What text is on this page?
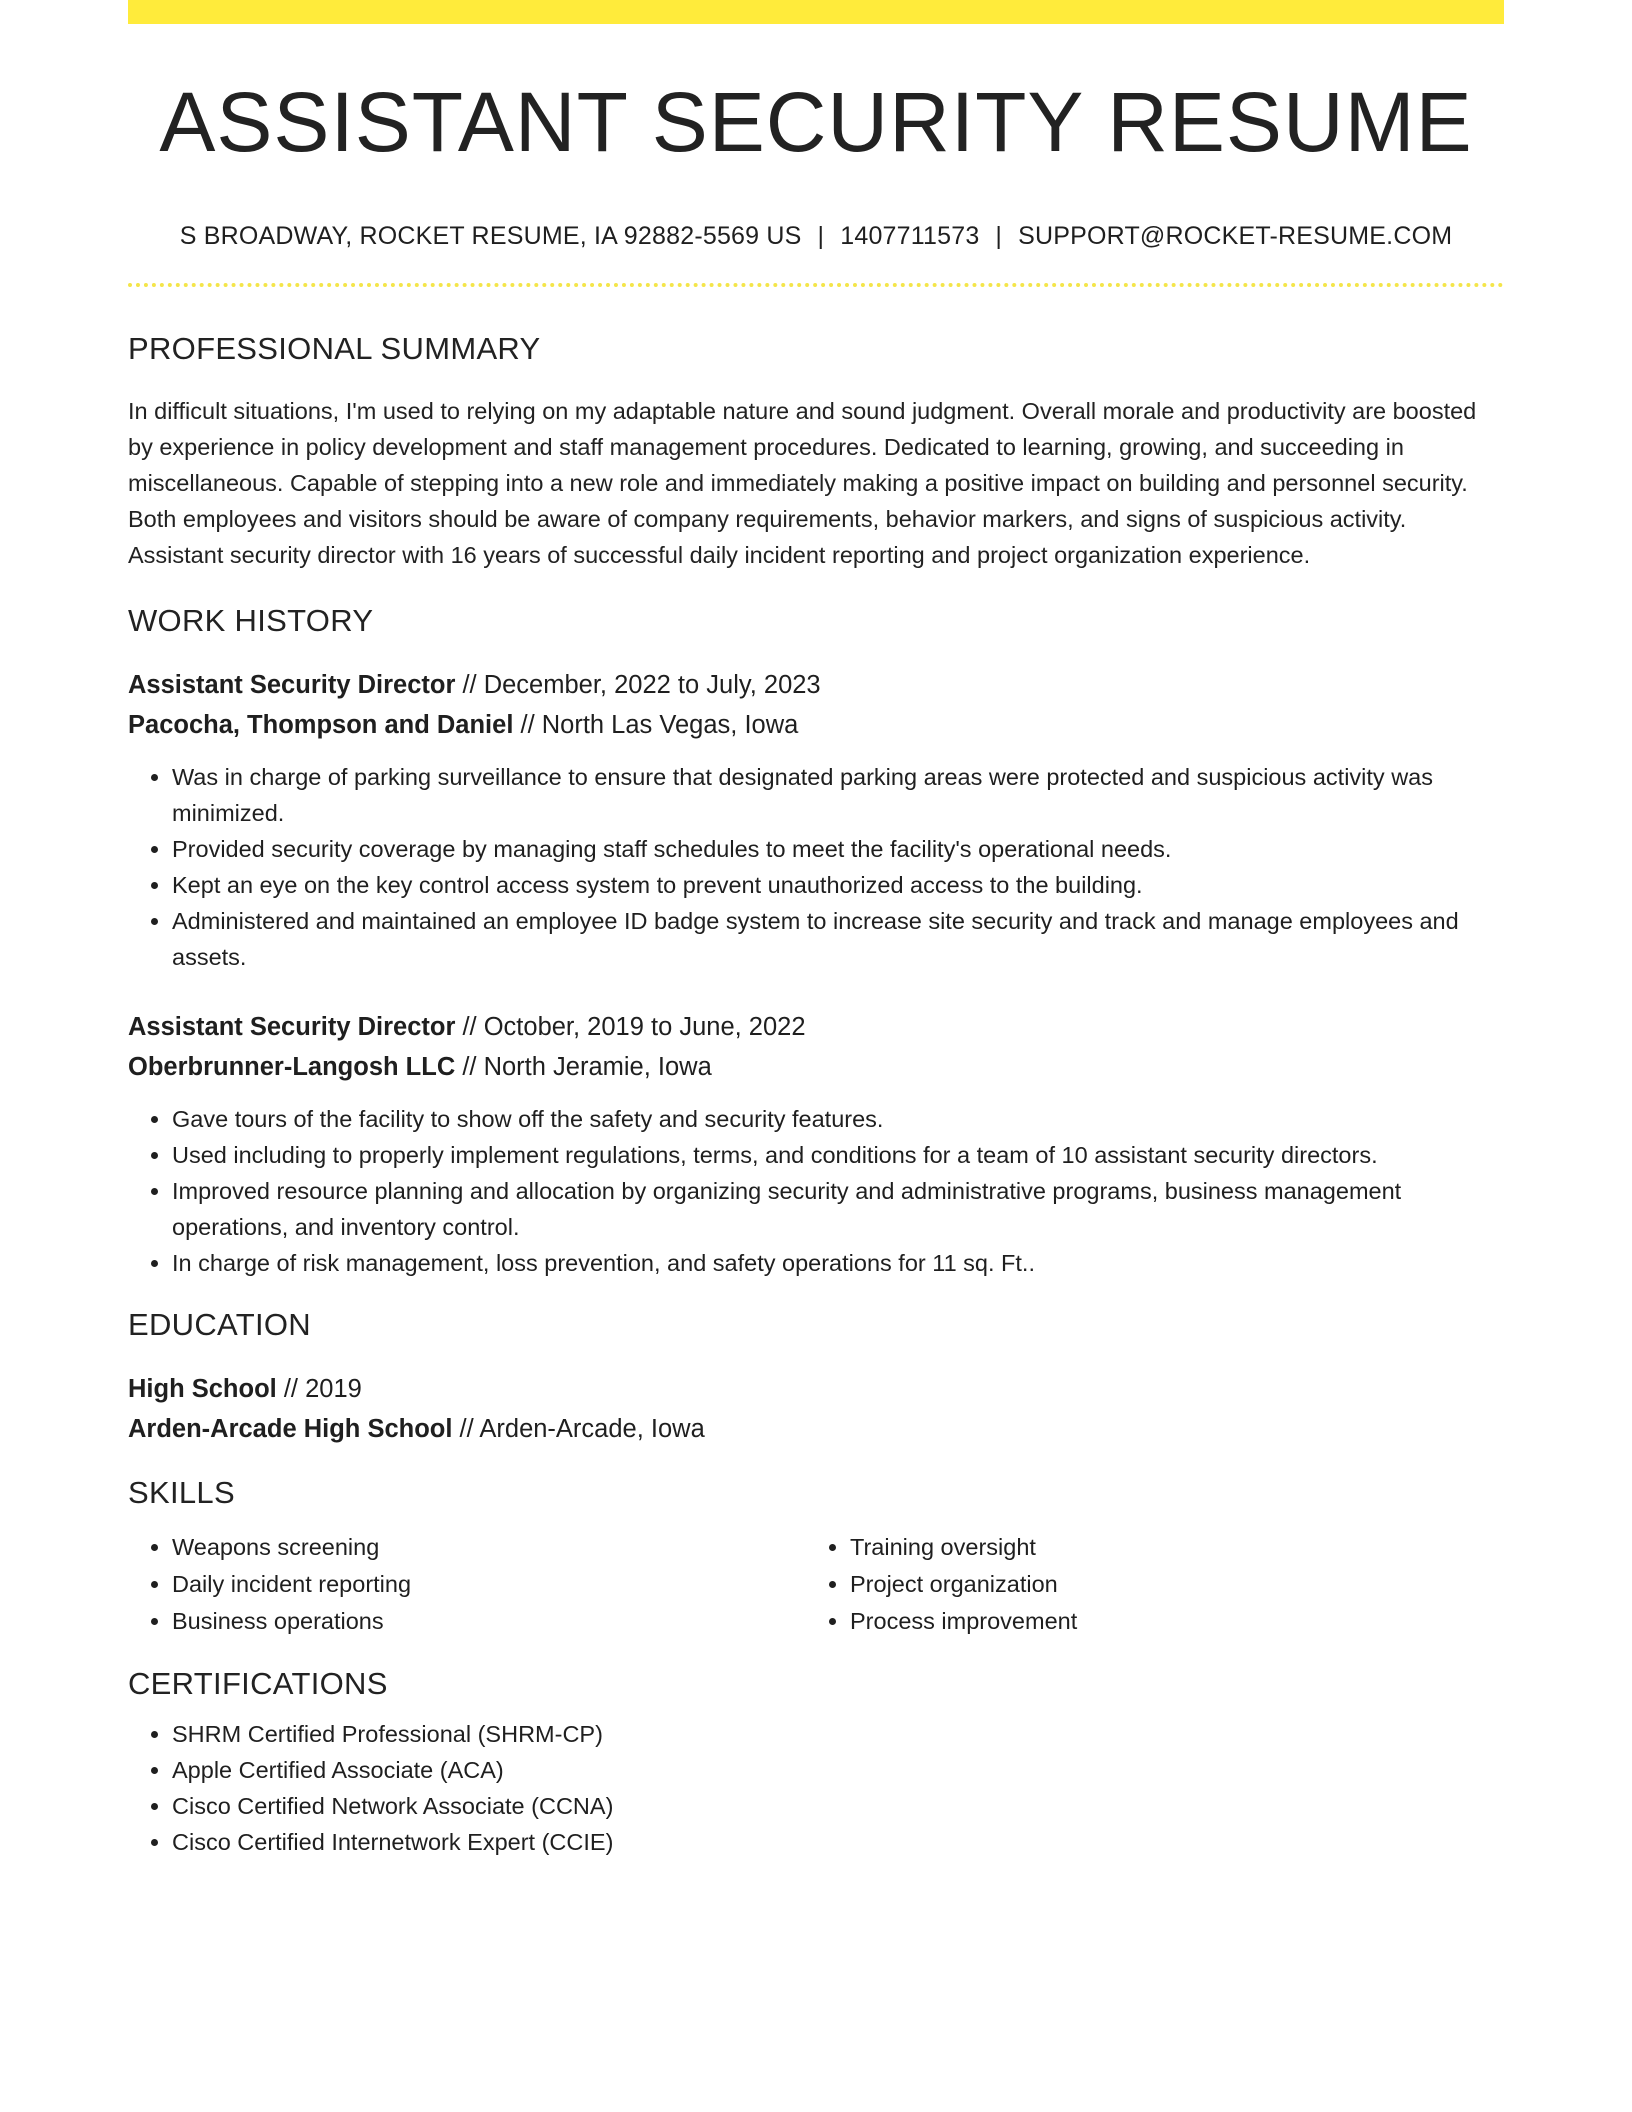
ASSISTANT SECURITY RESUME
S BROADWAY, ROCKET RESUME, IA 92882-5569 US | 1407711573 | SUPPORT@ROCKET-RESUME.COM
PROFESSIONAL SUMMARY
In difficult situations, I'm used to relying on my adaptable nature and sound judgment. Overall morale and productivity are boosted by experience in policy development and staff management procedures. Dedicated to learning, growing, and succeeding in miscellaneous. Capable of stepping into a new role and immediately making a positive impact on building and personnel security. Both employees and visitors should be aware of company requirements, behavior markers, and signs of suspicious activity. Assistant security director with 16 years of successful daily incident reporting and project organization experience.
WORK HISTORY
Assistant Security Director // December, 2022 to July, 2023
Pacocha, Thompson and Daniel // North Las Vegas, Iowa
• Was in charge of parking surveillance to ensure that designated parking areas were protected and suspicious activity was minimized.
• Provided security coverage by managing staff schedules to meet the facility's operational needs.
• Kept an eye on the key control access system to prevent unauthorized access to the building.
• Administered and maintained an employee ID badge system to increase site security and track and manage employees and assets.
Assistant Security Director // October, 2019 to June, 2022
Oberbrunner-Langosh LLC // North Jeramie, Iowa
• Gave tours of the facility to show off the safety and security features.
• Used including to properly implement regulations, terms, and conditions for a team of 10 assistant security directors.
• Improved resource planning and allocation by organizing security and administrative programs, business management operations, and inventory control.
• In charge of risk management, loss prevention, and safety operations for 11 sq. Ft..
EDUCATION
High School // 2019
Arden-Arcade High School // Arden-Arcade, Iowa
SKILLS
• Weapons screening
• Daily incident reporting
• Business operations
• Training oversight
• Project organization
• Process improvement
CERTIFICATIONS
• SHRM Certified Professional (SHRM-CP)
• Apple Certified Associate (ACA)
• Cisco Certified Network Associate (CCNA)
• Cisco Certified Internetwork Expert (CCIE)
